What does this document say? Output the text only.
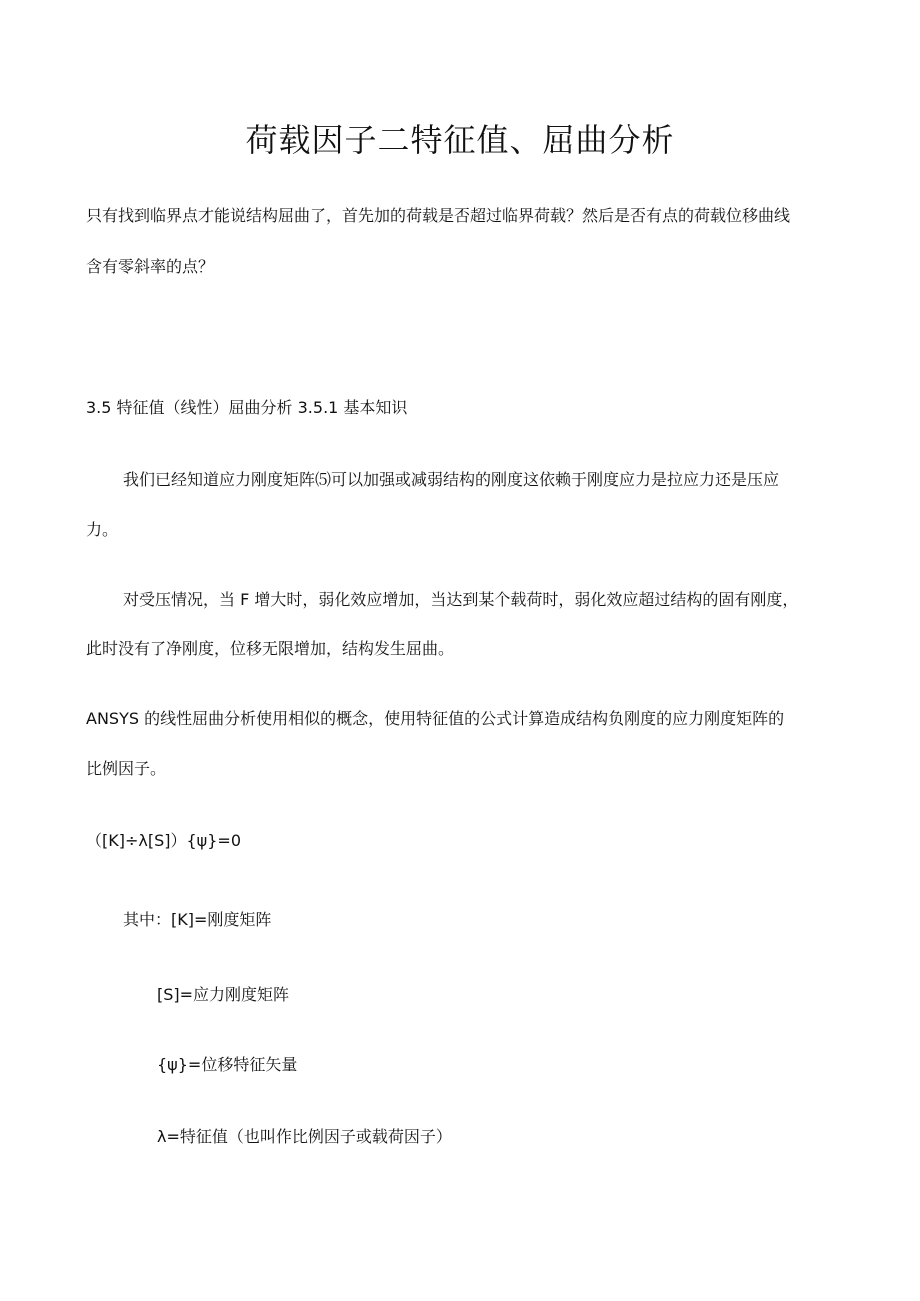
荷载因子二特征值、屈曲分析

只有找到临界点才能说结构屈曲了，首先加的荷载是否超过临界荷载？然后是否有点的荷载位移曲线

含有零斜率的点？

3.5 特征值（线性）屈曲分析 3.5.1 基本知识

我们已经知道应力刚度矩阵⑸可以加强或减弱结构的刚度这依赖于刚度应力是拉应力还是压应

力。

对受压情况，当 F 增大时，弱化效应增加，当达到某个载荷时，弱化效应超过结构的固有刚度，

此时没有了净刚度，位移无限增加，结构发生屈曲。

ANSYS 的线性屈曲分析使用相似的概念，使用特征值的公式计算造成结构负刚度的应力刚度矩阵的

比例因子。

（[K]÷λ[S]）{ψ}=0

其中：[K]=刚度矩阵

[S]=应力刚度矩阵

{ψ}=位移特征矢量

λ=特征值（也叫作比例因子或载荷因子）
